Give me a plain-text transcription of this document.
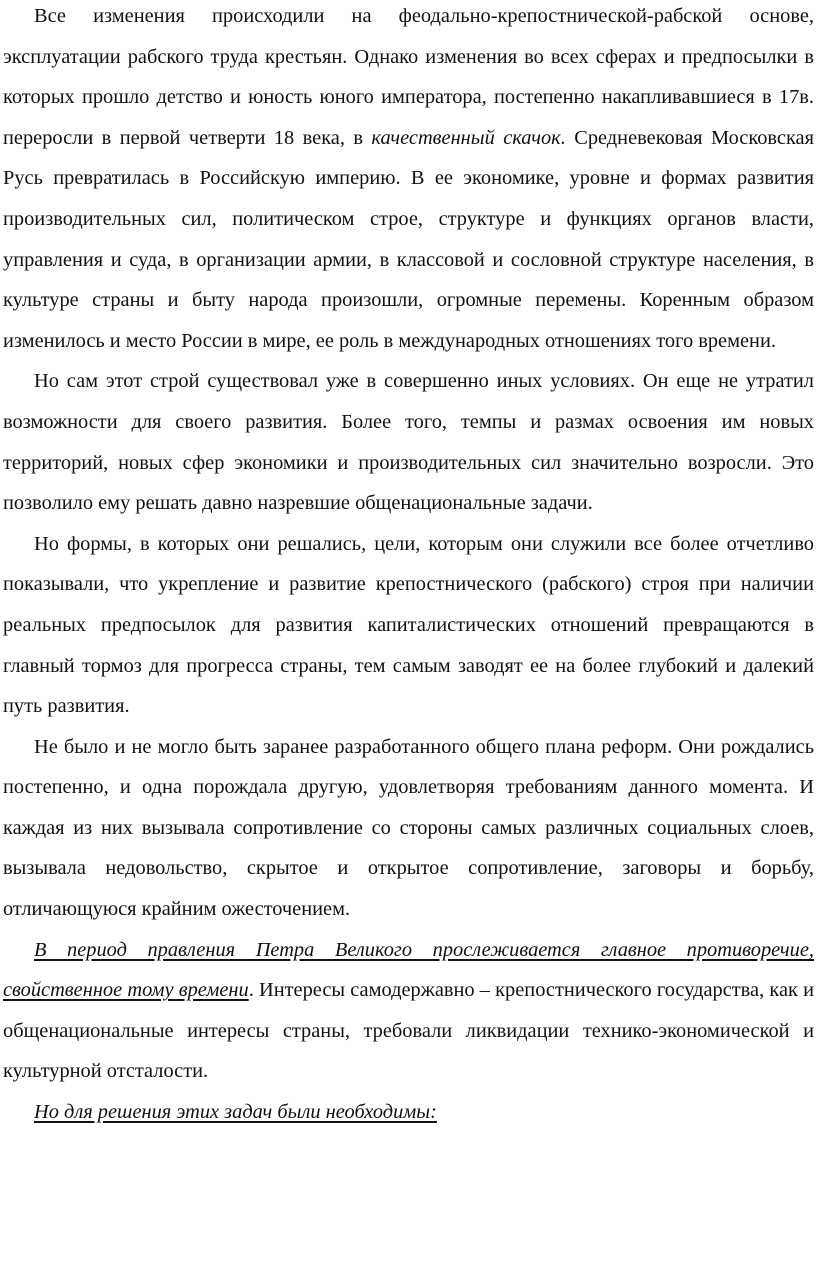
Все изменения происходили на феодально-крепостнической-рабской основе, эксплуатации рабского труда крестьян. Однако изменения во всех сферах и предпосылки в которых прошло детство и юность юного императора, постепенно накапливавшиеся в 17в. переросли в первой четверти 18 века, в качественный скачок. Средневековая Московская Русь превратилась в Российскую империю. В ее экономике, уровне и формах развития производительных сил, политическом строе, структуре и функциях органов власти, управления и суда, в организации армии, в классовой и сословной структуре населения, в культуре страны и быту народа произошли, огромные перемены. Коренным образом изменилось и место России в мире, ее роль в международных отношениях того времени.

Но сам этот строй существовал уже в совершенно иных условиях. Он еще не утратил возможности для своего развития. Более того, темпы и размах освоения им новых территорий, новых сфер экономики и производительных сил значительно возросли. Это позволило ему решать давно назревшие общенациональные задачи.

Но формы, в которых они решались, цели, которым они служили все более отчетливо показывали, что укрепление и развитие крепостнического (рабского) строя при наличии реальных предпосылок для развития капиталистических отношений превращаются в главный тормоз для прогресса страны, тем самым заводят ее на более глубокий и далекий путь развития.

Не было и не могло быть заранее разработанного общего плана реформ. Они рождались постепенно, и одна порождала другую, удовлетворяя требованиям данного момента. И каждая из них вызывала сопротивление со стороны самых различных социальных слоев, вызывала недовольство, скрытое и открытое сопротивление, заговоры и борьбу, отличающуюся крайним ожесточением.

В период правления Петра Великого прослеживается главное противоречие, свойственное тому времени. Интересы самодержавно – крепостнического государства, как и общенациональные интересы страны, требовали ликвидации технико-экономической и культурной отсталости.

Но для решения этих задач были необходимы:
